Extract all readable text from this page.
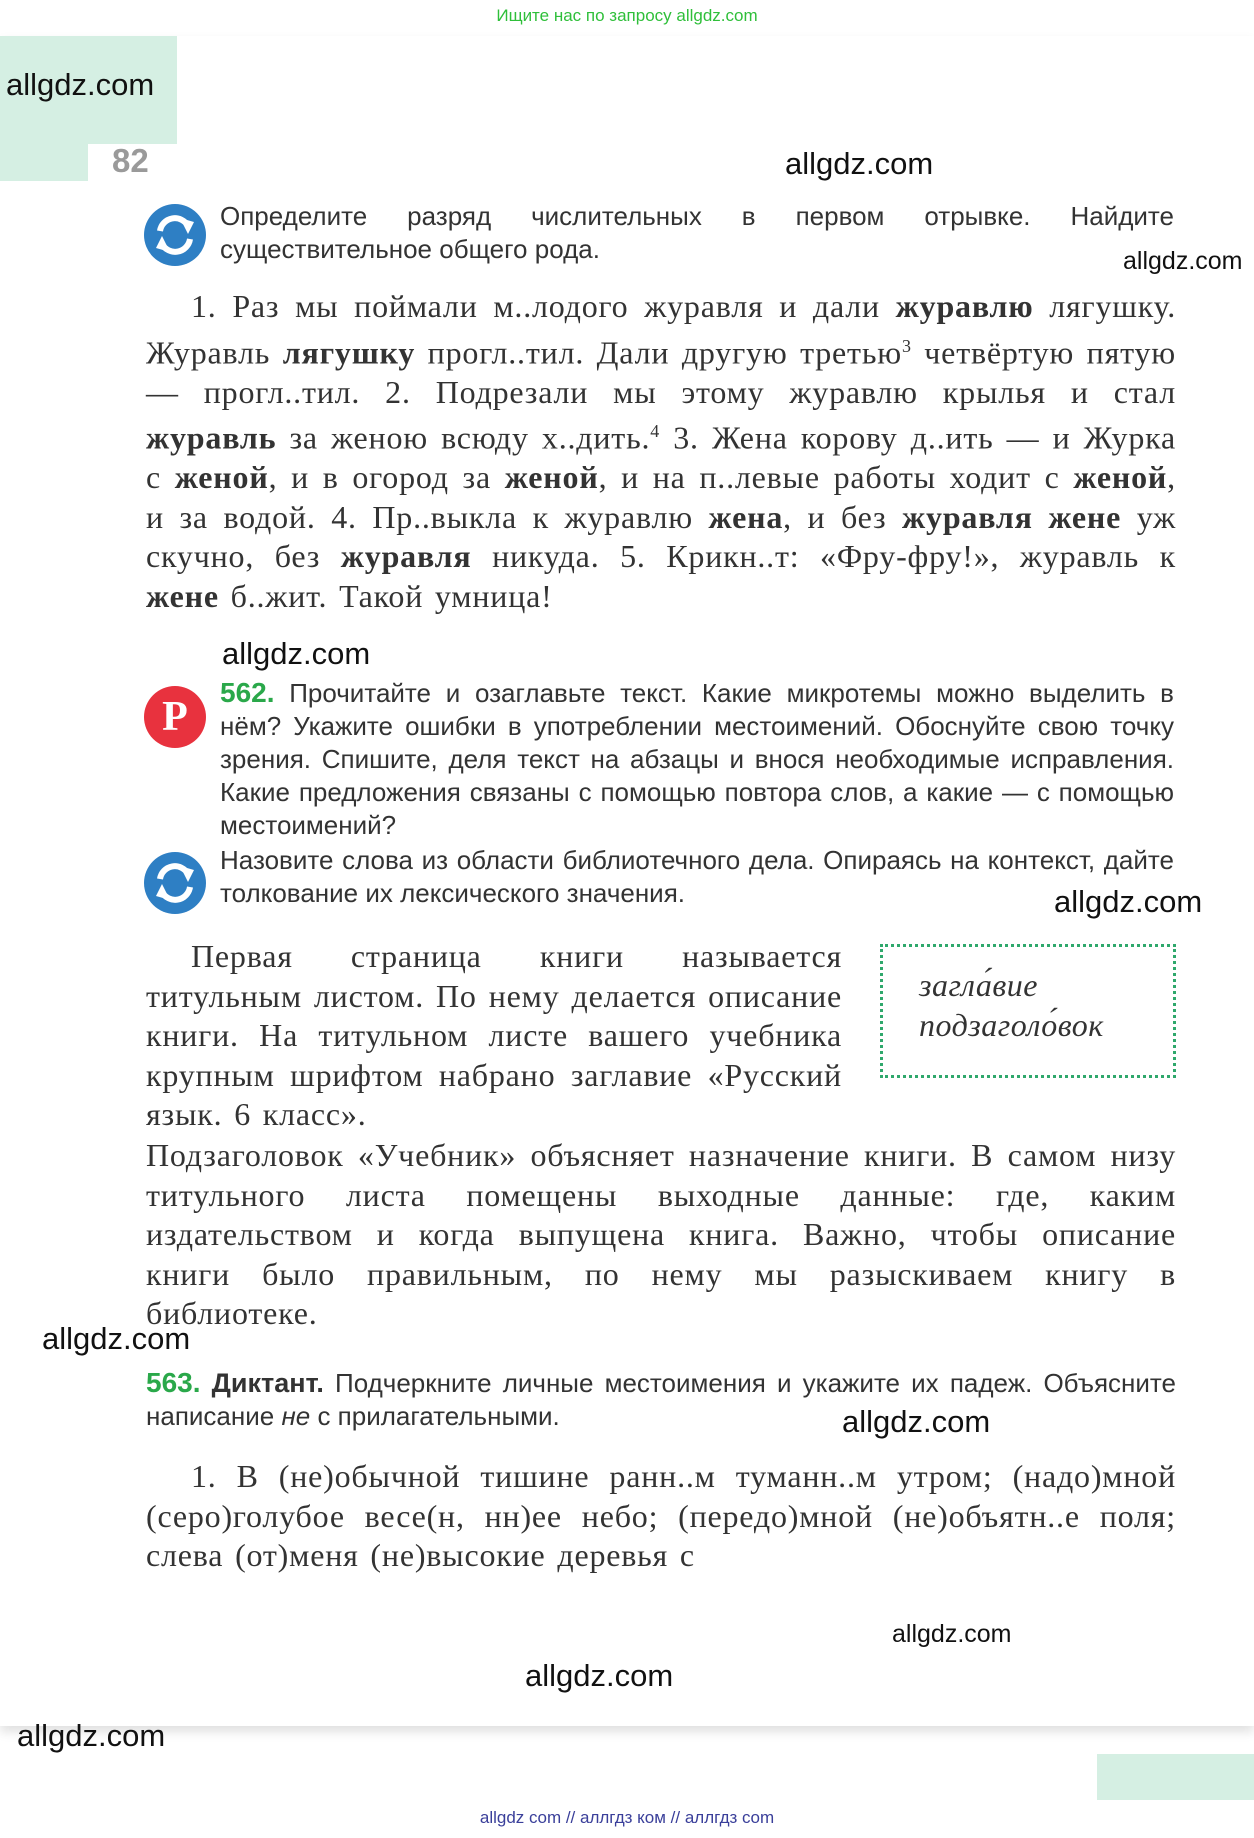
Ищите нас по запросу allgdz.com
82
allgdz.com
allgdz.com
allgdz.com
allgdz.com
allgdz.com
allgdz.com
allgdz.com
allgdz.com
allgdz.com
allgdz.com
Определите разряд числительных в первом отрывке. Найдите существительное общего рода.
1. Раз мы поймали м..лодого журавля и дали журавлю лягушку. Журавль лягушку прогл..тил. Дали другую третью$^3$ четвёртую пятую — прогл..тил. 2. Подрезали мы этому журавлю крылья и стал журавль за женою всюду х..дить.$^4$ 3. Жена корову д..ить — и Журка с женой, и в огород за женой, и на п..левые работы ходит с женой, и за водой. 4. Пр..выкла к журавлю жена, и без журавля жене уж скучно, без журавля никуда. 5. Крикн..т: «Фру-фру!», журавль к жене б..жит. Такой умница!
Р
562. Прочитайте и озаглавьте текст. Какие микротемы можно выделить в нём? Укажите ошибки в употреблении местоимений. Обоснуйте свою точку зрения. Спишите, деля текст на абзацы и внося необходимые исправления. Какие предложения связаны с помощью повтора слов, а какие — с помощью местоимений?
Назовите слова из области библиотечного дела. Опираясь на контекст, дайте толкование их лексического значения.
Первая страница книги называется титульным листом. По нему делается описание книги. На титульном листе вашего учебника крупным шрифтом набрано заглавие «Русский язык. 6 класс».
Подзаголовок «Учебник» объясняет назначение книги. В самом низу титульного листа помещены выходные данные: где, каким издательством и когда выпущена книга. Важно, чтобы описание книги было правильным, по нему мы разыскиваем книгу в библиотеке.
загла́вие
подзаголо́вок
563. Диктант. Подчеркните личные местоимения и укажите их падеж. Объясните написание не с прилагательными.
1. В (не)обычной тишине ранн..м туманн..м утром; (надо)мной (серо)голубое весе(н, нн)ее небо; (передо)мной (не)объятн..е поля; слева (от)меня (не)высокие деревья с
allgdz com // аллгдз ком // аллгдз com
